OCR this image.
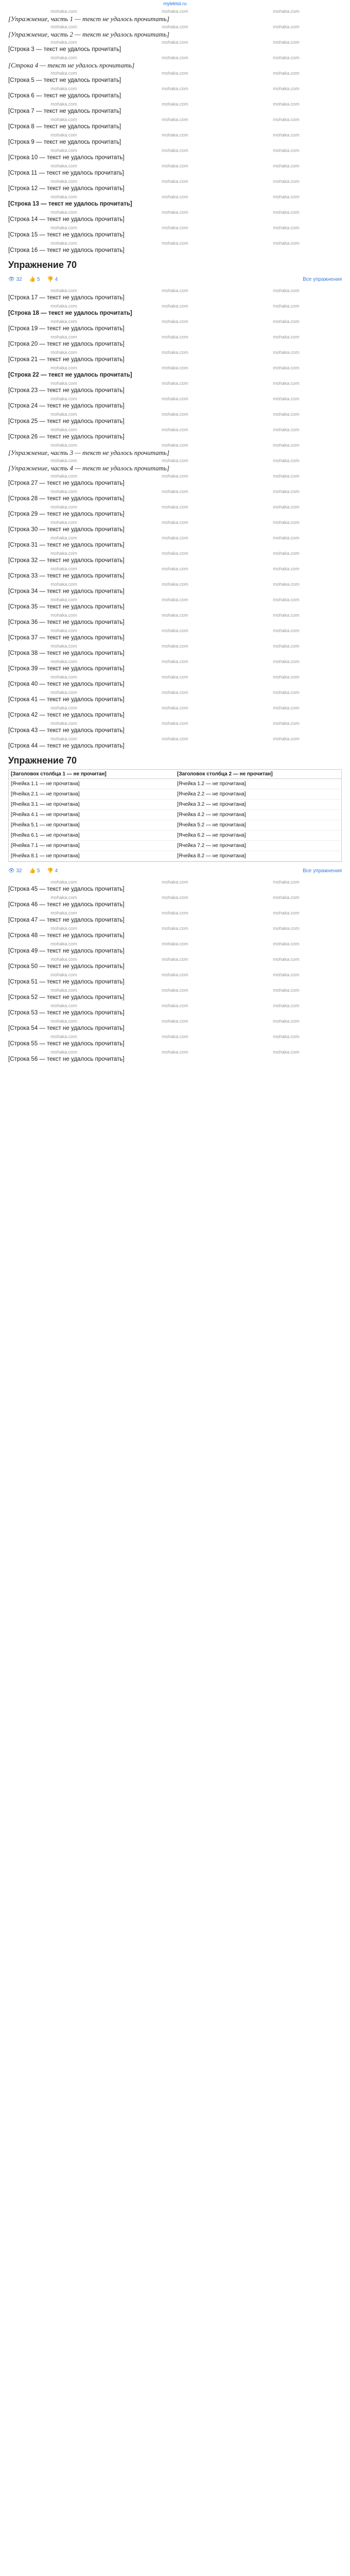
mylektsii.ru
mohaka.com	mohaka.com	mohaka.com
[Упражнение, часть 1 — текст не удалось прочитать]
mohaka.com	mohaka.com	mohaka.com
[Упражнение, часть 2 — текст не удалось прочитать]
mohaka.com	mohaka.com	mohaka.com
[Строка 3 — текст не удалось прочитать]
mohaka.com	mohaka.com	mohaka.com
[Строка 4 — текст не удалось прочитать]
mohaka.com	mohaka.com	mohaka.com
[Строка 5 — текст не удалось прочитать]
mohaka.com	mohaka.com	mohaka.com
[Строка 6 — текст не удалось прочитать]
mohaka.com	mohaka.com	mohaka.com
[Строка 7 — текст не удалось прочитать]
mohaka.com	mohaka.com	mohaka.com
[Строка 8 — текст не удалось прочитать]
mohaka.com	mohaka.com	mohaka.com
[Строка 9 — текст не удалось прочитать]
mohaka.com	mohaka.com	mohaka.com
[Строка 10 — текст не удалось прочитать]
mohaka.com	mohaka.com	mohaka.com
[Строка 11 — текст не удалось прочитать]
mohaka.com	mohaka.com	mohaka.com
[Строка 12 — текст не удалось прочитать]
mohaka.com	mohaka.com	mohaka.com
[Строка 13 — текст не удалось прочитать]
mohaka.com	mohaka.com	mohaka.com
[Строка 14 — текст не удалось прочитать]
mohaka.com	mohaka.com	mohaka.com
[Строка 15 — текст не удалось прочитать]
mohaka.com	mohaka.com	mohaka.com
[Строка 16 — текст не удалось прочитать]
Упражнение 70
👁 32 👍 5 👎 4	Все упражнения
mohaka.com	mohaka.com	mohaka.com
[Строка 17 — текст не удалось прочитать]
mohaka.com	mohaka.com	mohaka.com
[Строка 18 — текст не удалось прочитать]
mohaka.com	mohaka.com	mohaka.com
[Строка 19 — текст не удалось прочитать]
mohaka.com	mohaka.com	mohaka.com
[Строка 20 — текст не удалось прочитать]
mohaka.com	mohaka.com	mohaka.com
[Строка 21 — текст не удалось прочитать]
mohaka.com	mohaka.com	mohaka.com
[Строка 22 — текст не удалось прочитать]
mohaka.com	mohaka.com	mohaka.com
[Строка 23 — текст не удалось прочитать]
mohaka.com	mohaka.com	mohaka.com
[Строка 24 — текст не удалось прочитать]
mohaka.com	mohaka.com	mohaka.com
[Строка 25 — текст не удалось прочитать]
mohaka.com	mohaka.com	mohaka.com
[Строка 26 — текст не удалось прочитать]
mohaka.com	mohaka.com	mohaka.com
[Упражнение, часть 3 — текст не удалось прочитать]
mohaka.com	mohaka.com	mohaka.com
[Упражнение, часть 4 — текст не удалось прочитать]
mohaka.com	mohaka.com	mohaka.com
[Строка 27 — текст не удалось прочитать]
mohaka.com	mohaka.com	mohaka.com
[Строка 28 — текст не удалось прочитать]
mohaka.com	mohaka.com	mohaka.com
[Строка 29 — текст не удалось прочитать]
mohaka.com	mohaka.com	mohaka.com
[Строка 30 — текст не удалось прочитать]
mohaka.com	mohaka.com	mohaka.com
[Строка 31 — текст не удалось прочитать]
mohaka.com	mohaka.com	mohaka.com
[Строка 32 — текст не удалось прочитать]
mohaka.com	mohaka.com	mohaka.com
[Строка 33 — текст не удалось прочитать]
mohaka.com	mohaka.com	mohaka.com
[Строка 34 — текст не удалось прочитать]
mohaka.com	mohaka.com	mohaka.com
[Строка 35 — текст не удалось прочитать]
mohaka.com	mohaka.com	mohaka.com
[Строка 36 — текст не удалось прочитать]
mohaka.com	mohaka.com	mohaka.com
[Строка 37 — текст не удалось прочитать]
mohaka.com	mohaka.com	mohaka.com
[Строка 38 — текст не удалось прочитать]
mohaka.com	mohaka.com	mohaka.com
[Строка 39 — текст не удалось прочитать]
mohaka.com	mohaka.com	mohaka.com
[Строка 40 — текст не удалось прочитать]
mohaka.com	mohaka.com	mohaka.com
[Строка 41 — текст не удалось прочитать]
mohaka.com	mohaka.com	mohaka.com
[Строка 42 — текст не удалось прочитать]
mohaka.com	mohaka.com	mohaka.com
[Строка 43 — текст не удалось прочитать]
mohaka.com	mohaka.com	mohaka.com
[Строка 44 — текст не удалось прочитать]
Упражнение 70
[Заголовок столбца 1 — не прочитан]	[Заголовок столбца 2 — не прочитан]
[Ячейка 1.1 — не прочитана]	[Ячейка 1.2 — не прочитана]
[Ячейка 2.1 — не прочитана]	[Ячейка 2.2 — не прочитана]
[Ячейка 3.1 — не прочитана]	[Ячейка 3.2 — не прочитана]
[Ячейка 4.1 — не прочитана]	[Ячейка 4.2 — не прочитана]
[Ячейка 5.1 — не прочитана]	[Ячейка 5.2 — не прочитана]
[Ячейка 6.1 — не прочитана]	[Ячейка 6.2 — не прочитана]
[Ячейка 7.1 — не прочитана]	[Ячейка 7.2 — не прочитана]
[Ячейка 8.1 — не прочитана]	[Ячейка 8.2 — не прочитана]
👁 32 👍 5 👎 4	Все упражнения
mohaka.com	mohaka.com	mohaka.com
[Строка 45 — текст не удалось прочитать]
mohaka.com	mohaka.com	mohaka.com
[Строка 46 — текст не удалось прочитать]
mohaka.com	mohaka.com	mohaka.com
[Строка 47 — текст не удалось прочитать]
mohaka.com	mohaka.com	mohaka.com
[Строка 48 — текст не удалось прочитать]
mohaka.com	mohaka.com	mohaka.com
[Строка 49 — текст не удалось прочитать]
mohaka.com	mohaka.com	mohaka.com
[Строка 50 — текст не удалось прочитать]
mohaka.com	mohaka.com	mohaka.com
[Строка 51 — текст не удалось прочитать]
mohaka.com	mohaka.com	mohaka.com
[Строка 52 — текст не удалось прочитать]
mohaka.com	mohaka.com	mohaka.com
[Строка 53 — текст не удалось прочитать]
mohaka.com	mohaka.com	mohaka.com
[Строка 54 — текст не удалось прочитать]
mohaka.com	mohaka.com	mohaka.com
[Строка 55 — текст не удалось прочитать]
mohaka.com	mohaka.com	mohaka.com
[Строка 56 — текст не удалось прочитать]
